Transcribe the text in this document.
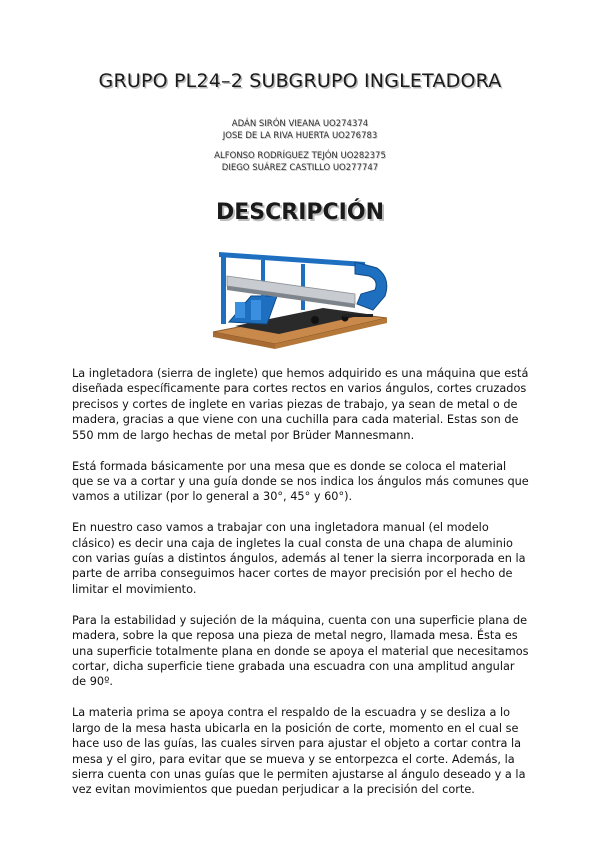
GRUPO PL24–2 SUBGRUPO INGLETADORA
ADÁN SIRÓN VIEANA UO274374
JOSE DE LA RIVA HUERTA UO276783
ALFONSO RODRÍGUEZ TEJÓN UO282375
DIEGO SUÁREZ CASTILLO UO277747
DESCRIPCIÓN

La ingletadora (sierra de inglete) que hemos adquirido es una máquina que está diseñada específicamente para cortes rectos en varios ángulos, cortes cruzados precisos y cortes de inglete en varias piezas de trabajo, ya sean de metal o de madera, gracias a que viene con una cuchilla para cada material. Estas son de 550 mm de largo hechas de metal por Brüder Mannesmann.

Está formada básicamente por una mesa que es donde se coloca el material que se va a cortar y una guía donde se nos indica los ángulos más comunes que vamos a utilizar (por lo general a 30°, 45° y 60°).

En nuestro caso vamos a trabajar con una ingletadora manual (el modelo clásico) es decir una caja de ingletes la cual consta de una chapa de aluminio con varias guías a distintos ángulos, además al tener la sierra incorporada en la parte de arriba conseguimos hacer cortes de mayor precisión por el hecho de limitar el movimiento.

Para la estabilidad y sujeción de la máquina, cuenta con una superficie plana de madera, sobre la que reposa una pieza de metal negro, llamada mesa. Ésta es una superficie totalmente plana en donde se apoya el material que necesitamos cortar, dicha superficie tiene grabada una escuadra con una amplitud angular de 90º.

La materia prima se apoya contra el respaldo de la escuadra y se desliza a lo largo de la mesa hasta ubicarla en la posición de corte, momento en el cual se hace uso de las guías, las cuales sirven para ajustar el objeto a cortar contra la mesa y el giro, para evitar que se mueva y se entorpezca el corte. Además, la sierra cuenta con unas guías que le permiten ajustarse al ángulo deseado y a la vez evitan movimientos que puedan perjudicar a la precisión del corte.
